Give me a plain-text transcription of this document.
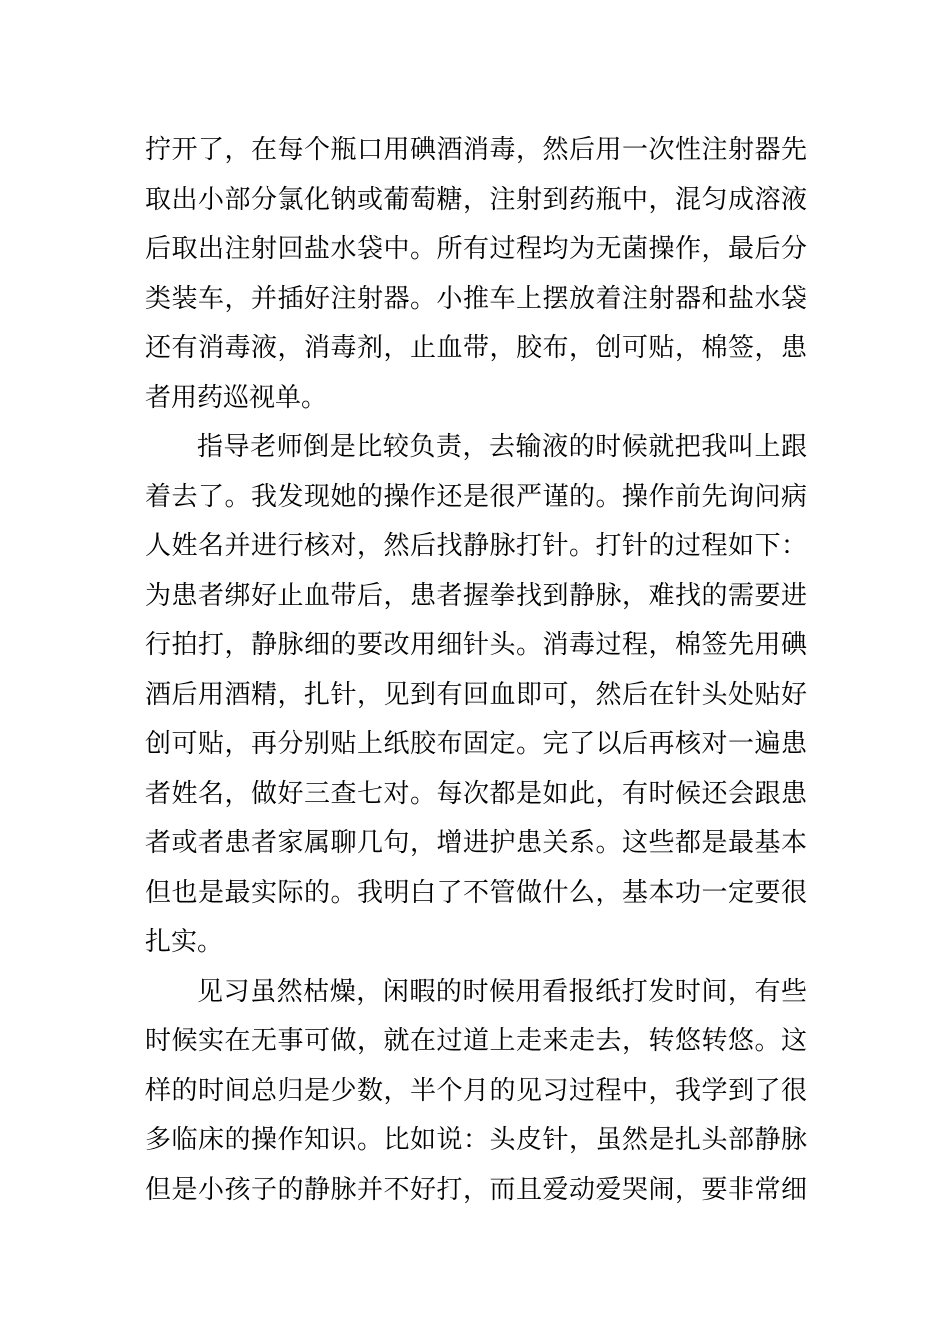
拧开了，在每个瓶口用碘酒消毒，然后用一次性注射器先
取出小部分氯化钠或葡萄糖，注射到药瓶中，混匀成溶液
后取出注射回盐水袋中。所有过程均为无菌操作，最后分
类装车，并插好注射器。小推车上摆放着注射器和盐水袋
还有消毒液，消毒剂，止血带，胶布，创可贴，棉签，患
者用药巡视单。
指导老师倒是比较负责，去输液的时候就把我叫上跟
着去了。我发现她的操作还是很严谨的。操作前先询问病
人姓名并进行核对，然后找静脉打针。打针的过程如下：
为患者绑好止血带后，患者握拳找到静脉，难找的需要进
行拍打，静脉细的要改用细针头。消毒过程，棉签先用碘
酒后用酒精，扎针，见到有回血即可，然后在针头处贴好
创可贴，再分别贴上纸胶布固定。完了以后再核对一遍患
者姓名，做好三查七对。每次都是如此，有时候还会跟患
者或者患者家属聊几句，增进护患关系。这些都是最基本
但也是最实际的。我明白了不管做什么，基本功一定要很
扎实。
见习虽然枯燥，闲暇的时候用看报纸打发时间，有些
时候实在无事可做，就在过道上走来走去，转悠转悠。这
样的时间总归是少数，半个月的见习过程中，我学到了很
多临床的操作知识。比如说：头皮针，虽然是扎头部静脉
但是小孩子的静脉并不好打，而且爱动爱哭闹，要非常细
